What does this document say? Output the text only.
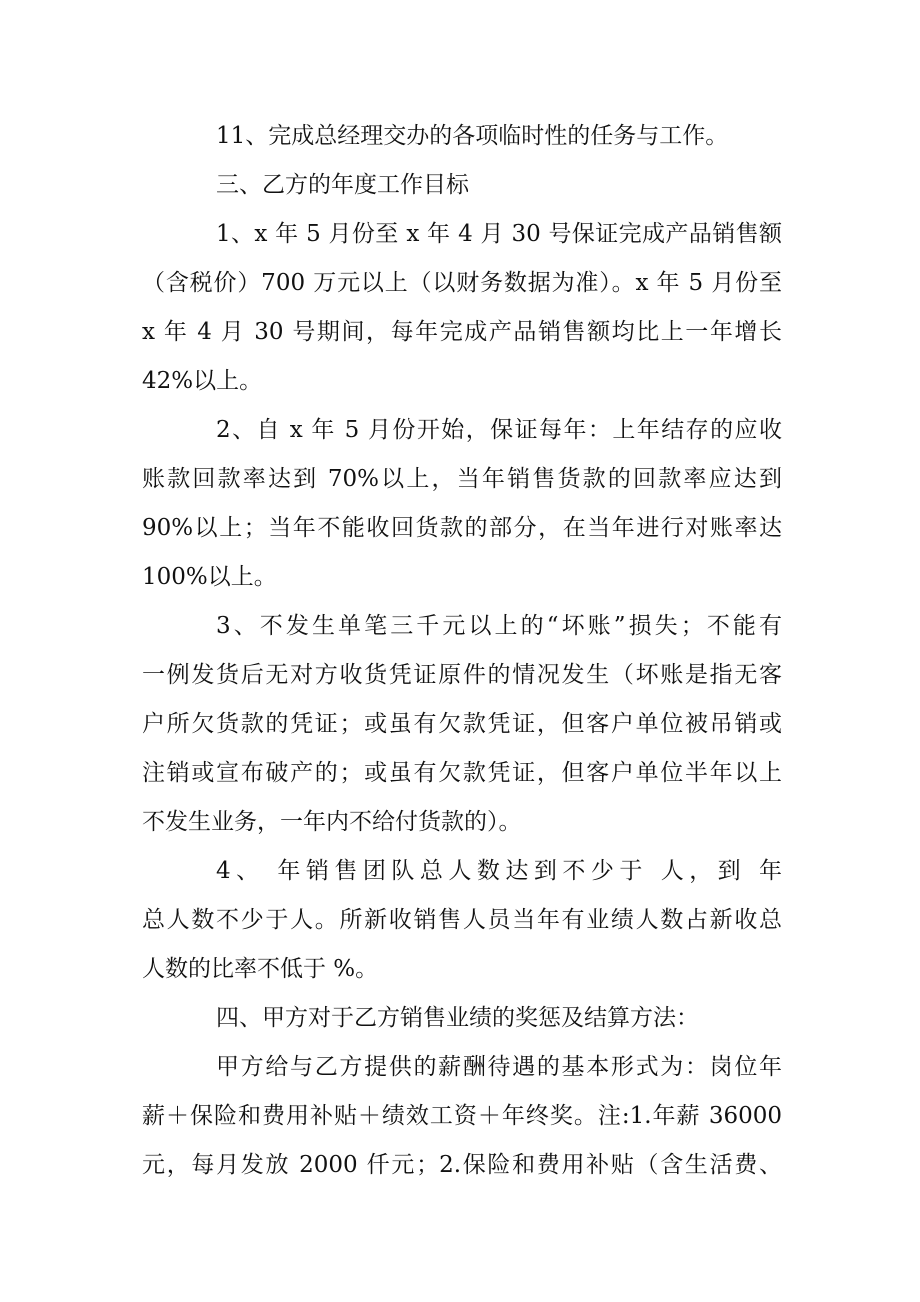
11、完成总经理交办的各项临时性的任务与工作。
三、乙方的年度工作目标
1、x 年 5 月份至 x 年 4 月 30 号保证完成产品销售额
（含税价）700 万元以上（以财务数据为准）。x 年 5 月份至
x 年 4 月 30 号期间，每年完成产品销售额均比上一年增长
42%以上。
2、自 x 年 5 月份开始，保证每年：上年结存的应收
账款回款率达到 70%以上，当年销售货款的回款率应达到
90%以上；当年不能收回货款的部分，在当年进行对账率达
100%以上。
3、不发生单笔三千元以上的“坏账”损失；不能有
一例发货后无对方收货凭证原件的情况发生（坏账是指无客
户所欠货款的凭证；或虽有欠款凭证，但客户单位被吊销或
注销或宣布破产的；或虽有欠款凭证，但客户单位半年以上
不发生业务，一年内不给付货款的）。
4、 年销售团队总人数达到不少于 人，到 年
总人数不少于人。所新收销售人员当年有业绩人数占新收总
人数的比率不低于 %。
四、甲方对于乙方销售业绩的奖惩及结算方法：
甲方给与乙方提供的薪酬待遇的基本形式为：岗位年
薪＋保险和费用补贴＋绩效工资＋年终奖。注:1.年薪 36000
元，每月发放 2000 仟元；2.保险和费用补贴（含生活费、
